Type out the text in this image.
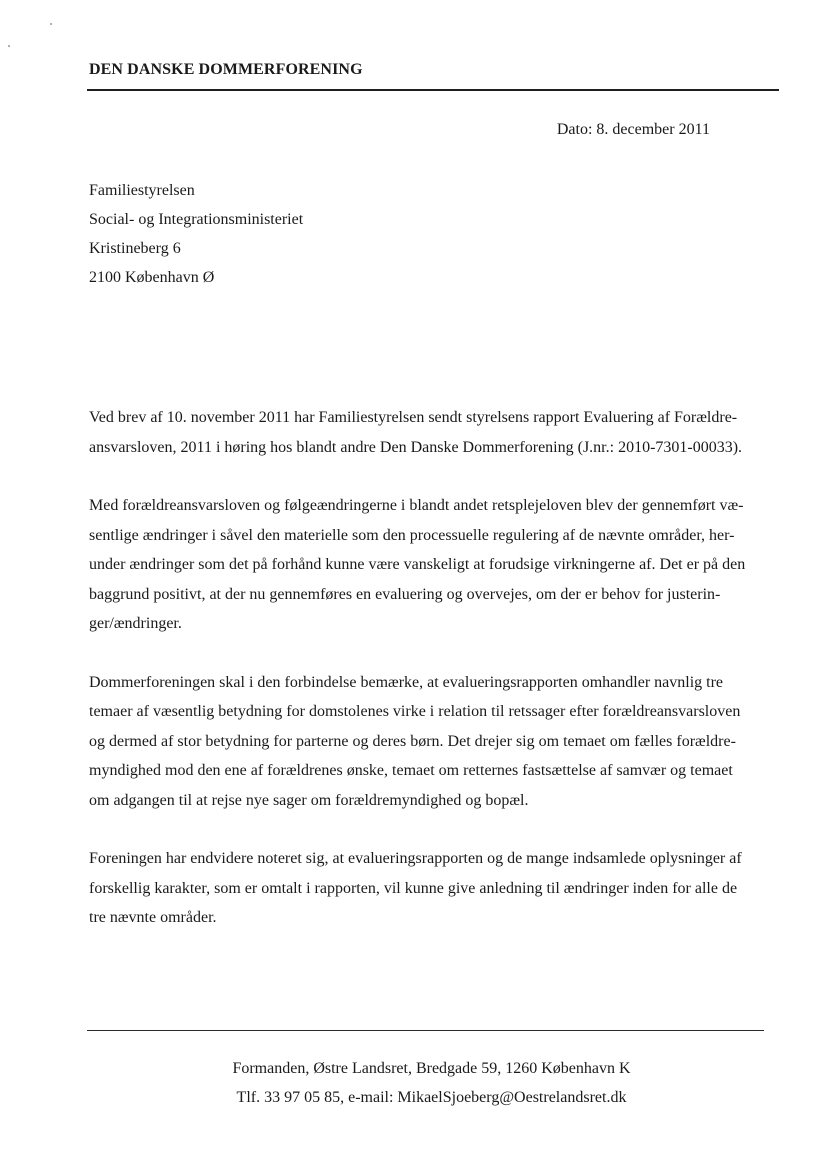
DEN DANSKE DOMMERFORENING
Dato: 8. december 2011
Familiestyrelsen
Social- og Integrationsministeriet
Kristineberg 6
2100 København Ø

Ved brev af 10. november 2011 har Familiestyrelsen sendt styrelsens rapport Evaluering af Forældre-
ansvarsloven, 2011 i høring hos blandt andre Den Danske Dommerforening (J.nr.: 2010-7301-00033).

Med forældreansvarsloven og følgeændringerne i blandt andet retsplejeloven blev der gennemført væ-
sentlige ændringer i såvel den materielle som den processuelle regulering af de nævnte områder, her-
under ændringer som det på forhånd kunne være vanskeligt at forudsige virkningerne af. Det er på den
baggrund positivt, at der nu gennemføres en evaluering og overvejes, om der er behov for justerin-
ger/ændringer.

Dommerforeningen skal i den forbindelse bemærke, at evalueringsrapporten omhandler navnlig tre
temaer af væsentlig betydning for domstolenes virke i relation til retssager efter forældreansvarsloven
og dermed af stor betydning for parterne og deres børn. Det drejer sig om temaet om fælles forældre-
myndighed mod den ene af forældrenes ønske, temaet om retternes fastsættelse af samvær og temaet
om adgangen til at rejse nye sager om forældremyndighed og bopæl.

Foreningen har endvidere noteret sig, at evalueringsrapporten og de mange indsamlede oplysninger af
forskellig karakter, som er omtalt i rapporten, vil kunne give anledning til ændringer inden for alle de
tre nævnte områder.

Formanden, Østre Landsret, Bredgade 59, 1260 København K
Tlf. 33 97 05 85, e-mail: MikaelSjoeberg@Oestrelandsret.dk
